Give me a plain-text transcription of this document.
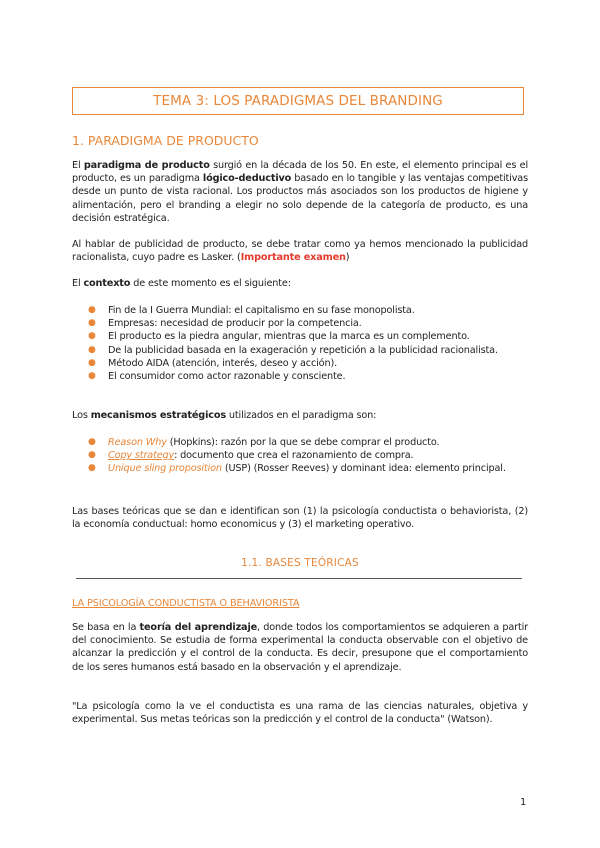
TEMA 3: LOS PARADIGMAS DEL BRANDING
1. PARADIGMA DE PRODUCTO
El paradigma de producto surgió en la década de los 50. En este, el elemento principal es el producto, es un paradigma lógico-deductivo basado en lo tangible y las ventajas competitivas desde un punto de vista racional. Los productos más asociados son los productos de higiene y alimentación, pero el branding a elegir no solo depende de la categoría de producto, es una decisión estratégica.
Al hablar de publicidad de producto, se debe tratar como ya hemos mencionado la publicidad racionalista, cuyo padre es Lasker. (Importante examen)
El contexto de este momento es el siguiente:
● Fin de la I Guerra Mundial: el capitalismo en su fase monopolista.
● Empresas: necesidad de producir por la competencia.
● El producto es la piedra angular, mientras que la marca es un complemento.
● De la publicidad basada en la exageración y repetición a la publicidad racionalista.
● Método AIDA (atención, interés, deseo y acción).
● El consumidor como actor razonable y consciente.
Los mecanismos estratégicos utilizados en el paradigma son:
● Reason Why (Hopkins): razón por la que se debe comprar el producto.
● Copy strategy: documento que crea el razonamiento de compra.
● Unique sling proposition (USP) (Rosser Reeves) y dominant idea: elemento principal.
Las bases teóricas que se dan e identifican son (1) la psicología conductista o behaviorista, (2) la economía conductual: homo economicus y (3) el marketing operativo.
1.1. BASES TEÓRICAS
LA PSICOLOGÍA CONDUCTISTA O BEHAVIORISTA
Se basa en la teoría del aprendizaje, donde todos los comportamientos se adquieren a partir del conocimiento. Se estudia de forma experimental la conducta observable con el objetivo de alcanzar la predicción y el control de la conducta. Es decir, presupone que el comportamiento de los seres humanos está basado en la observación y el aprendizaje.
"La psicología como la ve el conductista es una rama de las ciencias naturales, objetiva y experimental. Sus metas teóricas son la predicción y el control de la conducta" (Watson).
1
